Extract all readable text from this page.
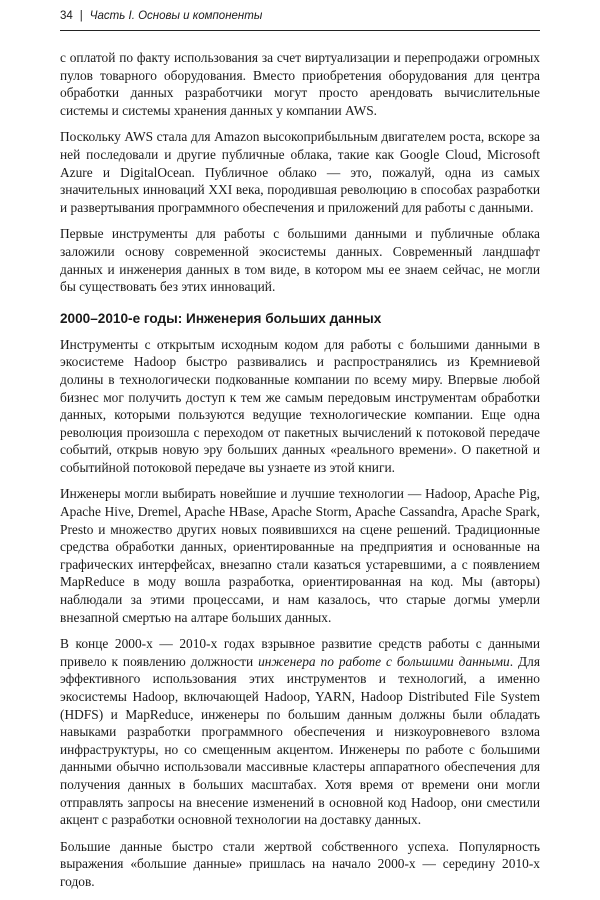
34 | Часть I. Основы и компоненты

с оплатой по факту использования за счет виртуализации и перепродажи огромных пулов товарного оборудования. Вместо приобретения оборудования для центра обработки данных разработчики могут просто арендовать вычислительные системы и системы хранения данных у компании AWS.

Поскольку AWS стала для Amazon высокоприбыльным двигателем роста, вскоре за ней последовали и другие публичные облака, такие как Google Cloud, Microsoft Azure и DigitalOcean. Публичное облако — это, пожалуй, одна из самых значительных инноваций XXI века, породившая революцию в способах разработки и развертывания программного обеспечения и приложений для работы с данными.

Первые инструменты для работы с большими данными и публичные облака заложили основу современной экосистемы данных. Современный ландшафт данных и инженерия данных в том виде, в котором мы ее знаем сейчас, не могли бы существовать без этих инноваций.

2000–2010-е годы: Инженерия больших данных

Инструменты с открытым исходным кодом для работы с большими данными в экосистеме Hadoop быстро развивались и распространялись из Кремниевой долины в технологически подкованные компании по всему миру. Впервые любой бизнес мог получить доступ к тем же самым передовым инструментам обработки данных, которыми пользуются ведущие технологические компании. Еще одна революция произошла с переходом от пакетных вычислений к потоковой передаче событий, открыв новую эру больших данных «реального времени». О пакетной и событийной потоковой передаче вы узнаете из этой книги.

Инженеры могли выбирать новейшие и лучшие технологии — Hadoop, Apache Pig, Apache Hive, Dremel, Apache HBase, Apache Storm, Apache Cassandra, Apache Spark, Presto и множество других новых появившихся на сцене решений. Традиционные средства обработки данных, ориентированные на предприятия и основанные на графических интерфейсах, внезапно стали казаться устаревшими, а с появлением MapReduce в моду вошла разработка, ориентированная на код. Мы (авторы) наблюдали за этими процессами, и нам казалось, что старые догмы умерли внезапной смертью на алтаре больших данных.

В конце 2000-х — 2010-х годах взрывное развитие средств работы с данными привело к появлению должности инженера по работе с большими данными. Для эффективного использования этих инструментов и технологий, а именно экосистемы Hadoop, включающей Hadoop, YARN, Hadoop Distributed File System (HDFS) и MapReduce, инженеры по большим данным должны были обладать навыками разработки программного обеспечения и низкоуровневого взлома инфраструктуры, но со смещенным акцентом. Инженеры по работе с большими данными обычно использовали массивные кластеры аппаратного обеспечения для получения данных в больших масштабах. Хотя время от времени они могли отправлять запросы на внесение изменений в основной код Hadoop, они сместили акцент с разработки основной технологии на доставку данных.

Большие данные быстро стали жертвой собственного успеха. Популярность выражения «большие данные» пришлась на начало 2000-х — середину 2010-х годов.
